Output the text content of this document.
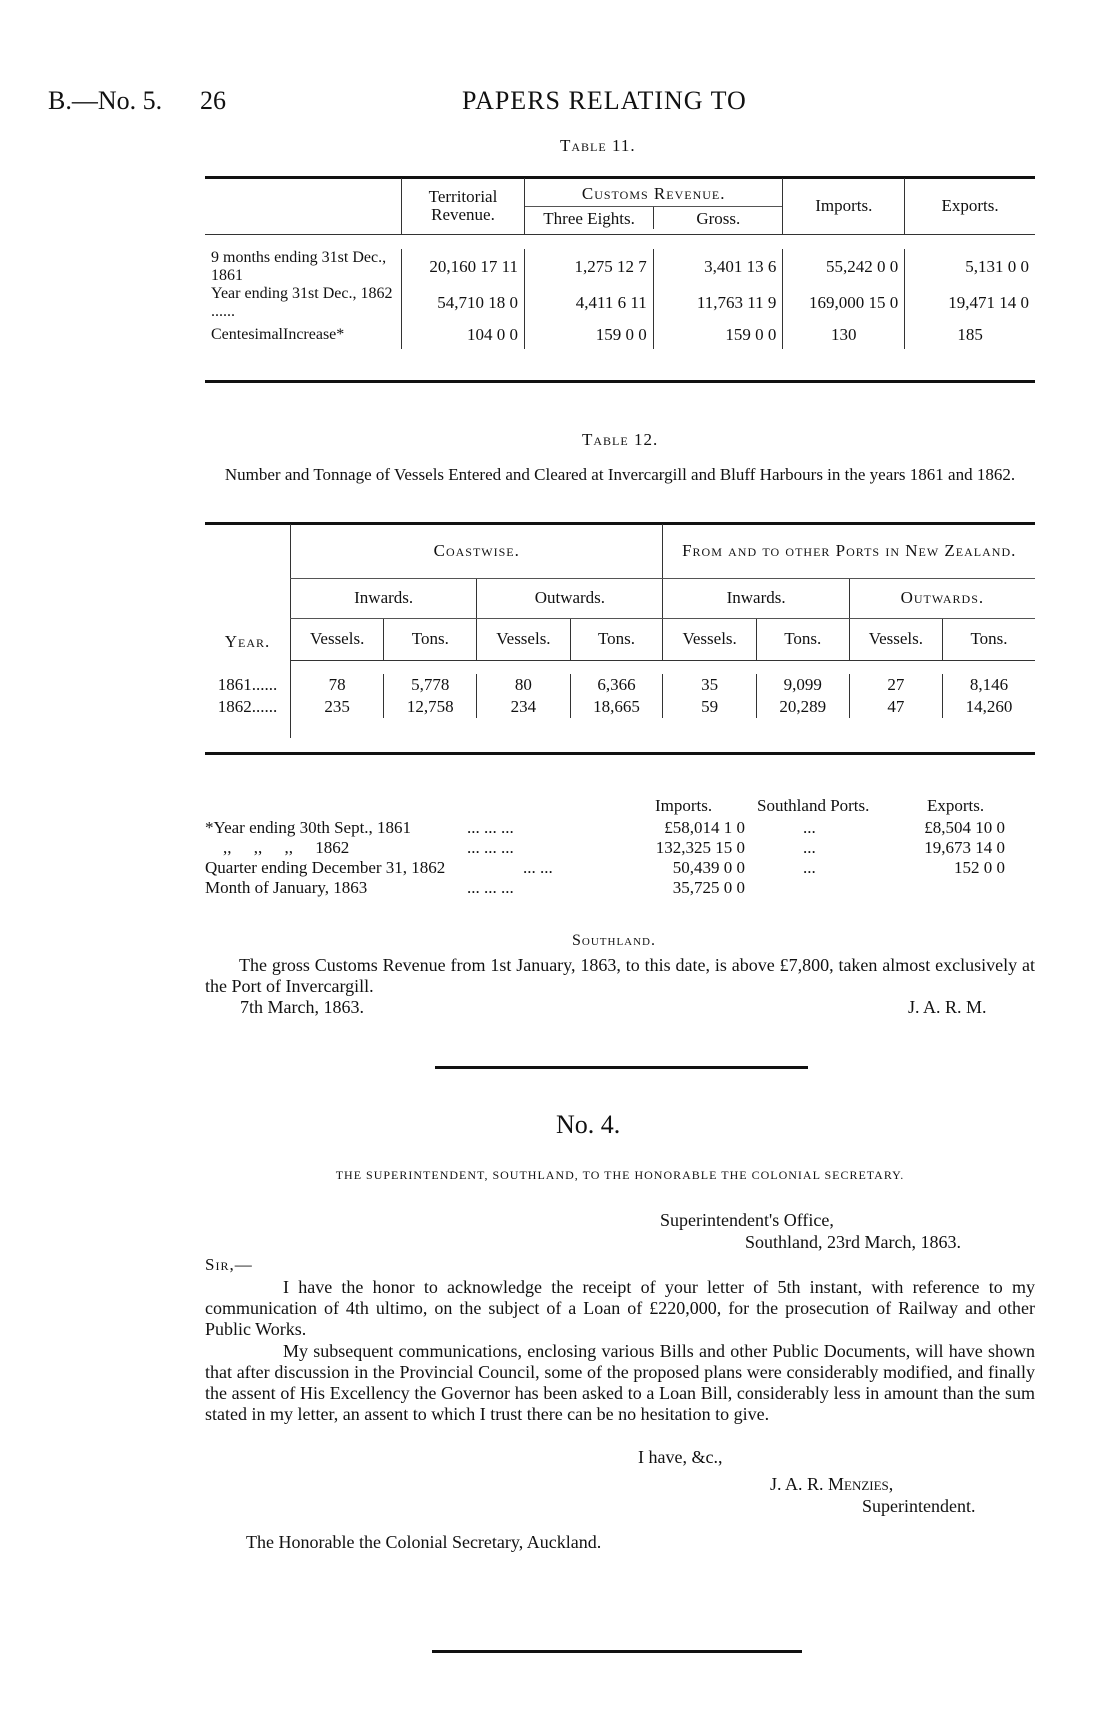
B.—No. 5. 26	PAPERS RELATING TO
Table 11.
	Territorial Revenue.	Customs Revenue.
Three Eights. Gross.		Imports.	Exports.

9 months ending 31st Dec., 1861	20,160 17 11	1,275 12 7	3,401 13 6	55,242 0 0	5,131 0 0
Year ending 31st Dec., 1862 ......	54,710 18 0	4,411 6 11	11,763 11 9	169,000 15 0	19,471 14 0
CentesimalIncrease*	104 0 0	159 0 0	159 0 0	130	185

Table 12.
Number and Tonnage of Vessels Entered and Cleared at Invercargill and Bluff Harbours in the years 1861 and 1862.
Year.	Coastwise.				From and to other Ports in New Zealand.			
	Inwards.		Outwards.		Inwards.		Outwards.	
	Vessels.	Tons.	Vessels.	Tons.	Vessels.	Tons.	Vessels.	Tons.

1861......	78	5,778	80	6,366	35	9,099	27	8,146
1862......	235	12,758	234	18,665	59	20,289	47	14,260

Imports.	Southland Ports.	Exports.
*Year ending 30th Sept., 1861	... ... ...	£58,014 1 0	...	£8,504 10 0
,, ,, ,, 1862	... ... ...	132,325 15 0	...	19,673 14 0
Quarter ending December 31, 1862	... ...	50,439 0 0	...	152 0 0
Month of January, 1863	... ... ...	35,725 0 0
Southland.
The gross Customs Revenue from 1st January, 1863, to this date, is above £7,800, taken almost exclusively at the Port of Invercargill.
7th March, 1863.	J. A. R. M.
No. 4.
THE SUPERINTENDENT, SOUTHLAND, TO THE HONORABLE THE COLONIAL SECRETARY.
Superintendent's Office,
Southland, 23rd March, 1863.
Sir,—
I have the honor to acknowledge the receipt of your letter of 5th instant, with reference to my communication of 4th ultimo, on the subject of a Loan of £220,000, for the prosecution of Railway and other Public Works.
My subsequent communications, enclosing various Bills and other Public Documents, will have shown that after discussion in the Provincial Council, some of the proposed plans were considerably modified, and finally the assent of His Excellency the Governor has been asked to a Loan Bill, considerably less in amount than the sum stated in my letter, an assent to which I trust there can be no hesitation to give.
I have, &c.,
J. A. R. Menzies,
Superintendent.
The Honorable the Colonial Secretary, Auckland.
